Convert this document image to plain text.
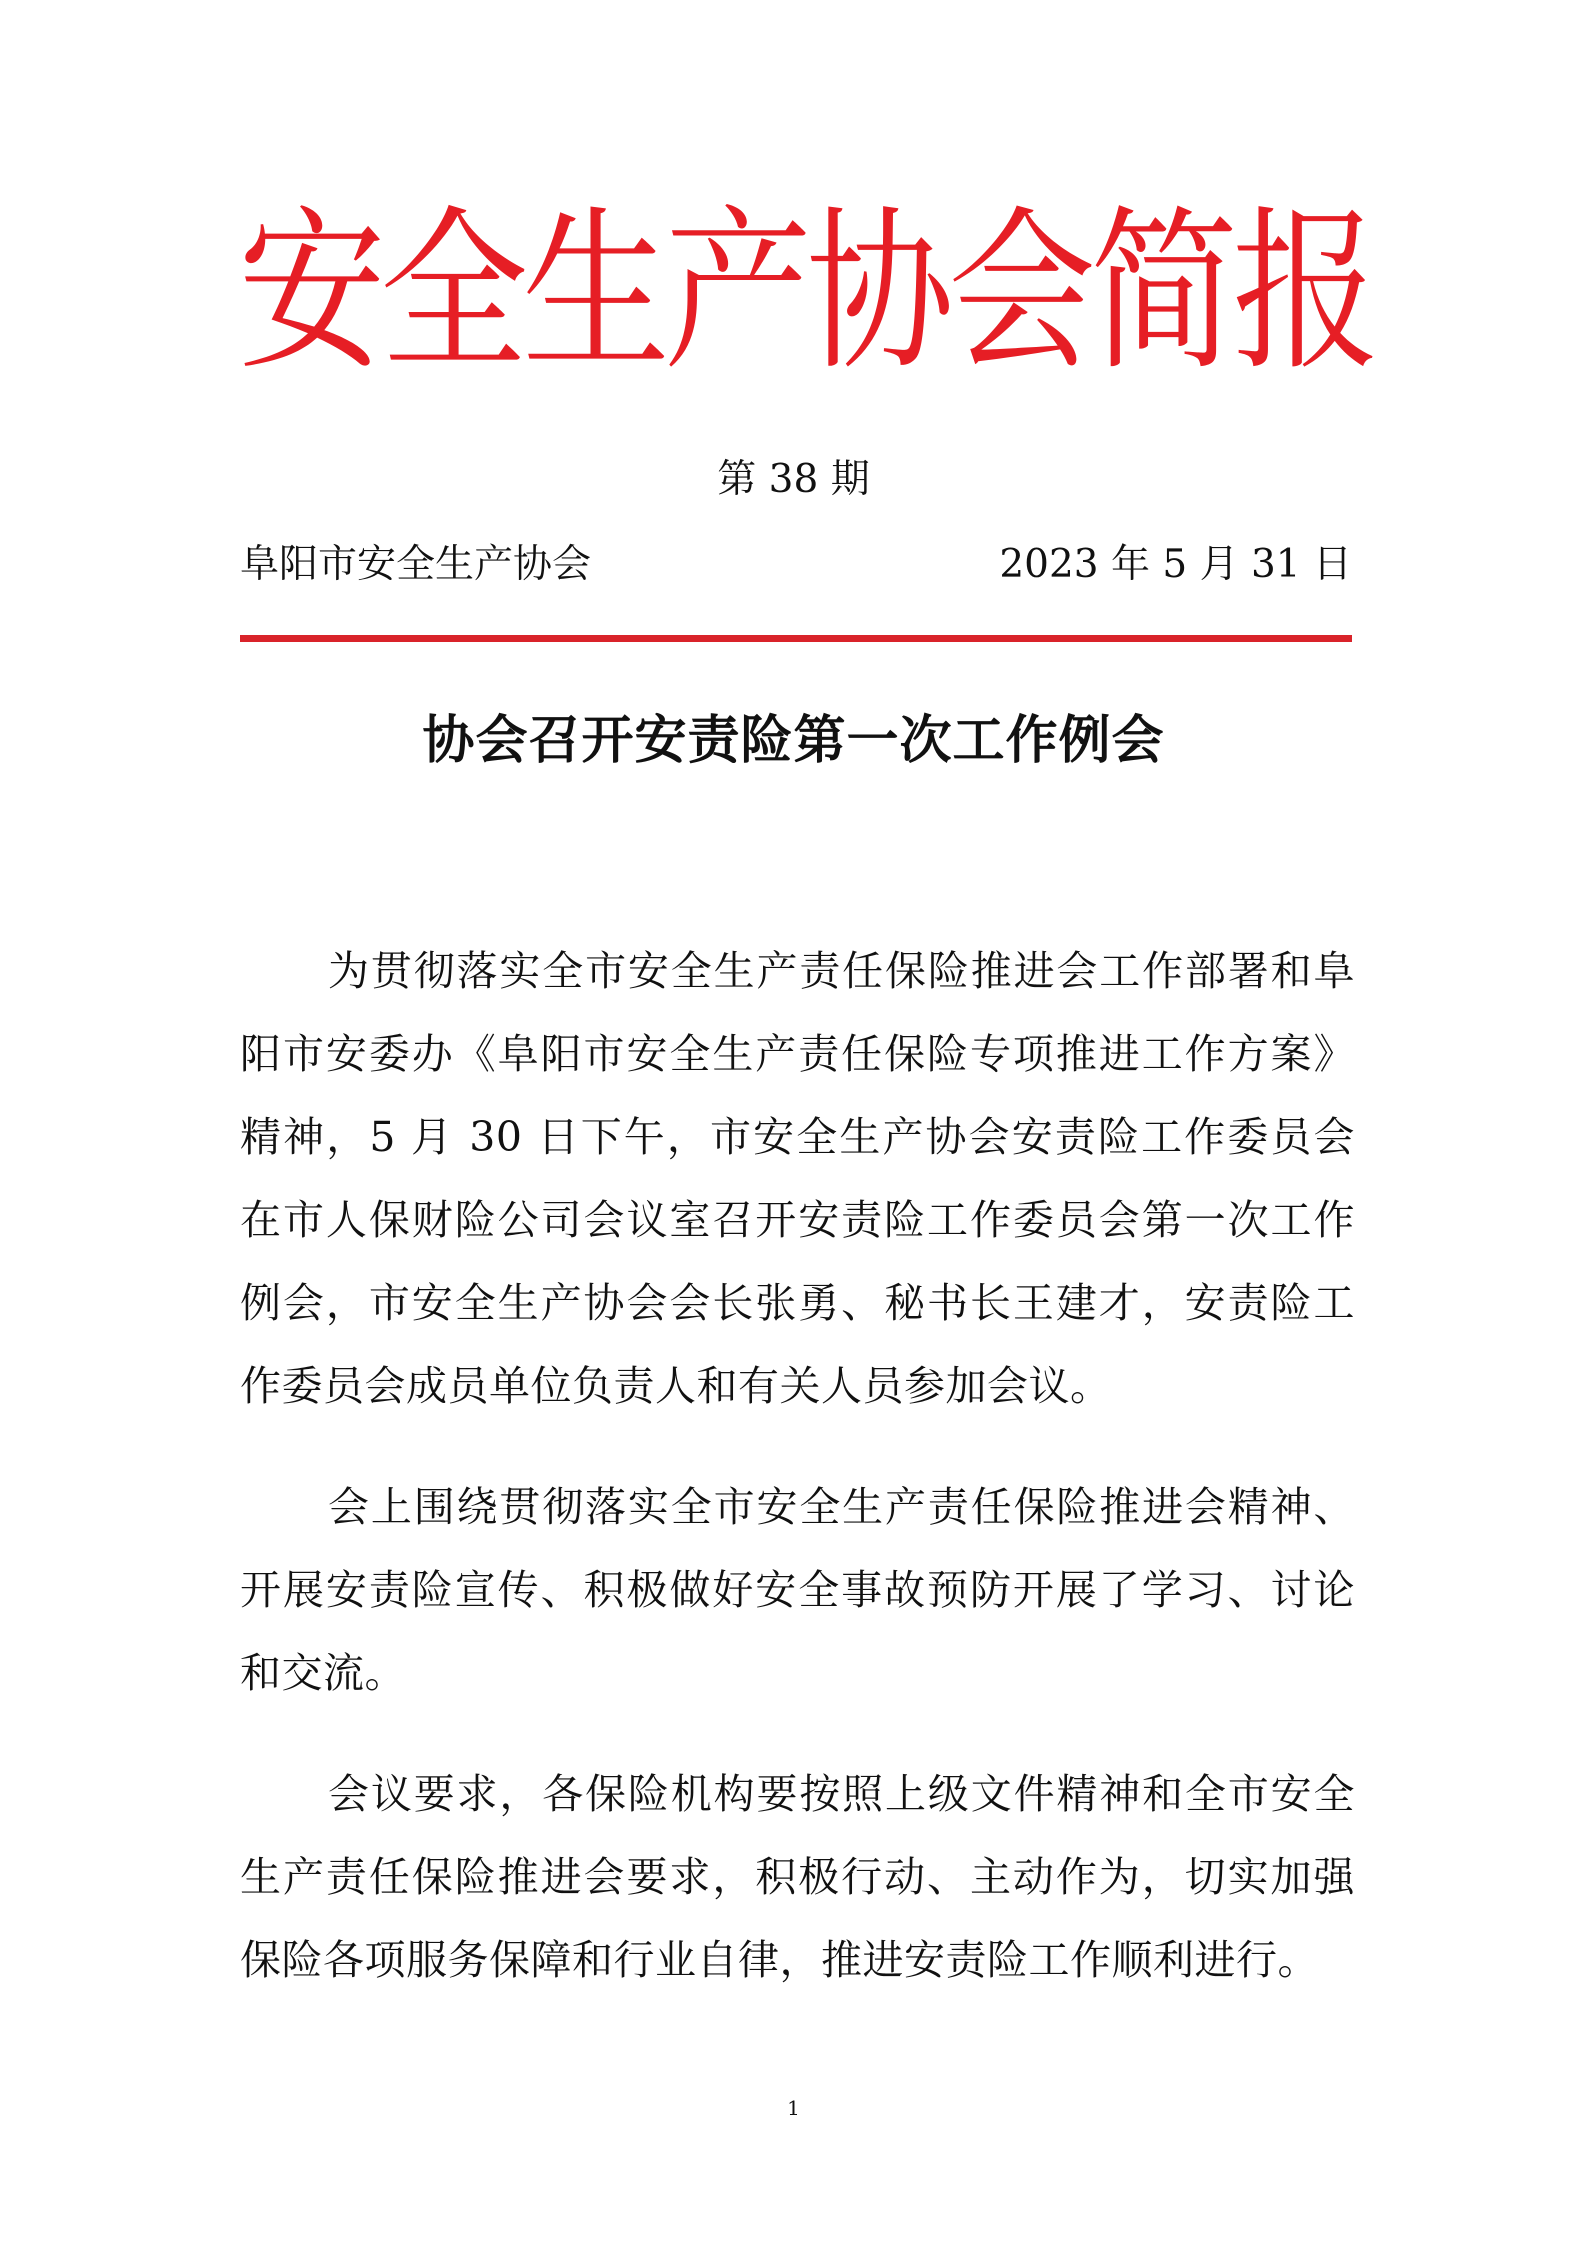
安全生产协会简报
第 38 期
阜阳市安全生产协会	2023 年 5 月 31 日
协会召开安责险第一次工作例会

为贯彻落实全市安全生产责任保险推进会工作部署和阜阳市安委办《阜阳市安全生产责任保险专项推进工作方案》精神，5 月 30 日下午，市安全生产协会安责险工作委员会在市人保财险公司会议室召开安责险工作委员会第一次工作例会，市安全生产协会会长张勇、秘书长王建才，安责险工作委员会成员单位负责人和有关人员参加会议。

会上围绕贯彻落实全市安全生产责任保险推进会精神、开展安责险宣传、积极做好安全事故预防开展了学习、讨论和交流。

会议要求，各保险机构要按照上级文件精神和全市安全生产责任保险推进会要求，积极行动、主动作为，切实加强保险各项服务保障和行业自律，推进安责险工作顺利进行。

1
